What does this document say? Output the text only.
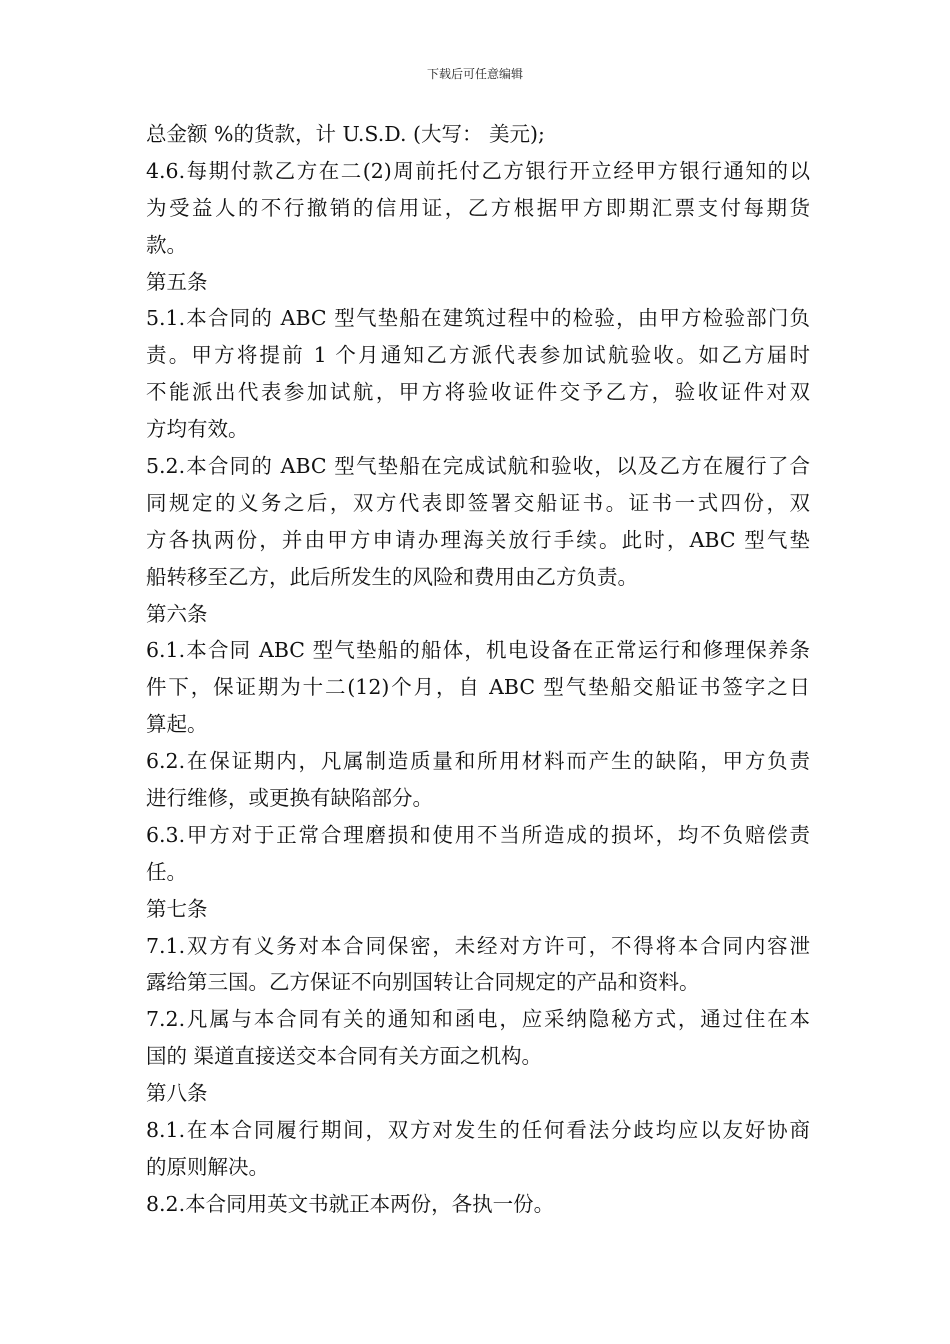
下载后可任意编辑
总金额 %的货款，计 U.S.D. (大写： 美元);
4.6.每期付款乙方在二(2)周前托付乙方银行开立经甲方银行通知的以
为受益人的不行撤销的信用证，乙方根据甲方即期汇票支付每期货
款。
第五条
5.1.本合同的 ABC 型气垫船在建筑过程中的检验，由甲方检验部门负
责。甲方将提前 1 个月通知乙方派代表参加试航验收。如乙方届时
不能派出代表参加试航，甲方将验收证件交予乙方，验收证件对双
方均有效。
5.2.本合同的 ABC 型气垫船在完成试航和验收，以及乙方在履行了合
同规定的义务之后，双方代表即签署交船证书。证书一式四份，双
方各执两份，并由甲方申请办理海关放行手续。此时，ABC 型气垫
船转移至乙方，此后所发生的风险和费用由乙方负责。
第六条
6.1.本合同 ABC 型气垫船的船体，机电设备在正常运行和修理保养条
件下，保证期为十二(12)个月，自 ABC 型气垫船交船证书签字之日
算起。
6.2.在保证期内，凡属制造质量和所用材料而产生的缺陷，甲方负责
进行维修，或更换有缺陷部分。
6.3.甲方对于正常合理磨损和使用不当所造成的损坏，均不负赔偿责
任。
第七条
7.1.双方有义务对本合同保密，未经对方许可，不得将本合同内容泄
露给第三国。乙方保证不向别国转让合同规定的产品和资料。
7.2.凡属与本合同有关的通知和函电，应采纳隐秘方式，通过住在本
国的 渠道直接送交本合同有关方面之机构。
第八条
8.1.在本合同履行期间，双方对发生的任何看法分歧均应以友好协商
的原则解决。
8.2.本合同用英文书就正本两份，各执一份。
